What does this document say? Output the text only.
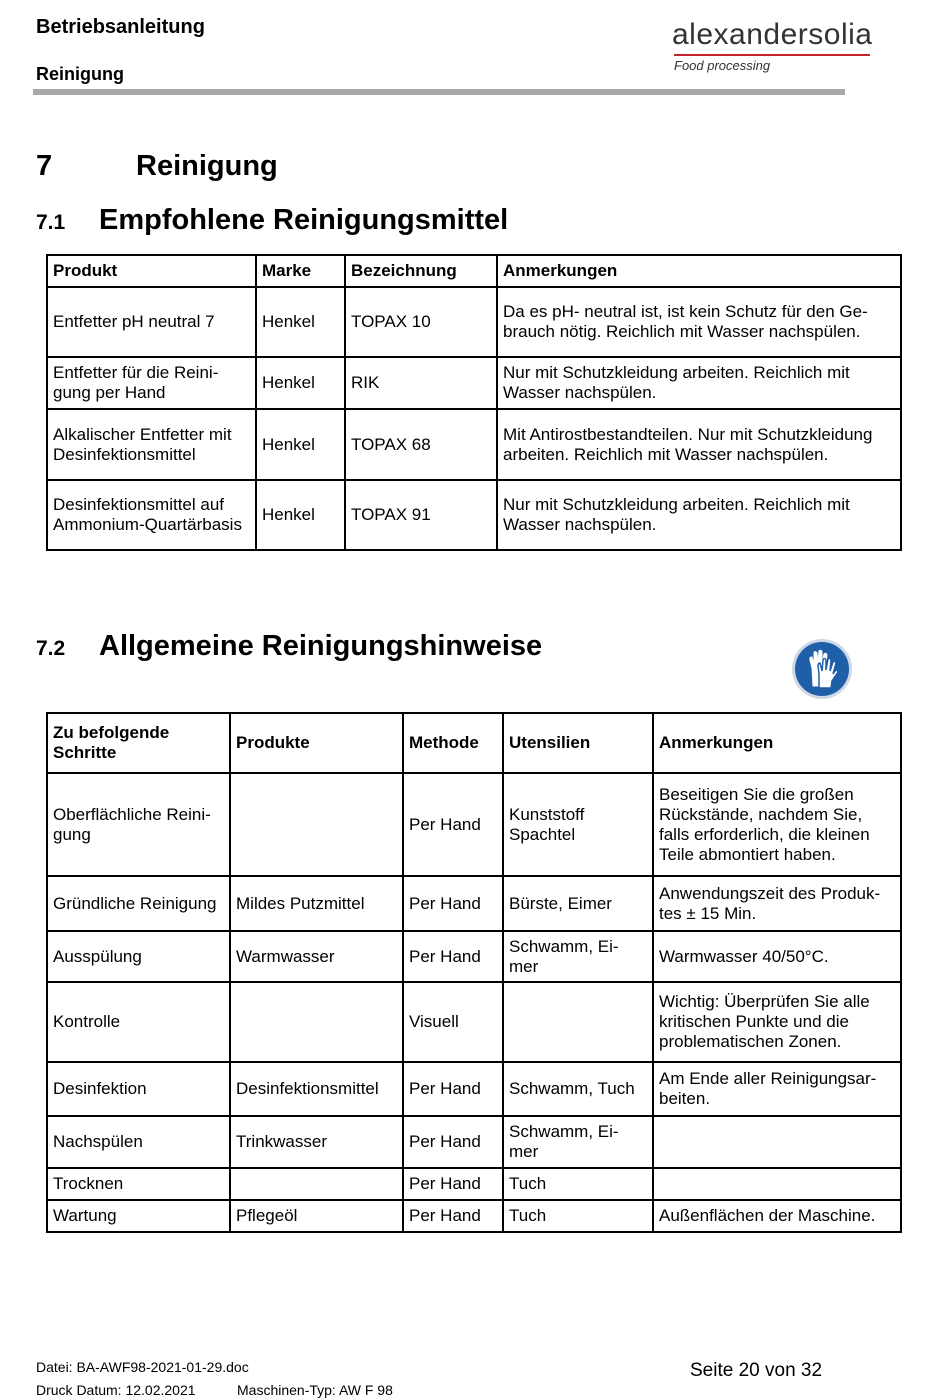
Betriebsanleitung
Reinigung
alexandersolia
Food processing
7	Reinigung
7.1 Empfohlene Reinigungsmittel
Produkt	Marke	Bezeichnung	Anmerkungen
Entfetter pH neutral 7	Henkel	TOPAX 10	Da es pH- neutral ist, ist kein Schutz für den Ge-
brauch nötig. Reichlich mit Wasser nachspülen.
Entfetter für die Reini-
gung per Hand	Henkel	RIK	Nur mit Schutzkleidung arbeiten. Reichlich mit
Wasser nachspülen.
Alkalischer Entfetter mit
Desinfektionsmittel	Henkel	TOPAX 68	Mit Antirostbestandteilen. Nur mit Schutzkleidung
arbeiten. Reichlich mit Wasser nachspülen.
Desinfektionsmittel auf
Ammonium-Quartärbasis	Henkel	TOPAX 91	Nur mit Schutzkleidung arbeiten. Reichlich mit
Wasser nachspülen.
7.2 Allgemeine Reinigungshinweise
Zu befolgende
Schritte	Produkte	Methode	Utensilien	Anmerkungen
Oberflächliche Reini-
gung		Per Hand	Kunststoff
Spachtel	Beseitigen Sie die großen
Rückstände, nachdem Sie,
falls erforderlich, die kleinen
Teile abmontiert haben.
Gründliche Reinigung	Mildes Putzmittel	Per Hand	Bürste, Eimer	Anwendungszeit des Produk-
tes ± 15 Min.
Ausspülung	Warmwasser	Per Hand	Schwamm, Ei-
mer	Warmwasser 40/50°C.
Kontrolle		Visuell		Wichtig: Überprüfen Sie alle
kritischen Punkte und die
problematischen Zonen.
Desinfektion	Desinfektionsmittel	Per Hand	Schwamm, Tuch	Am Ende aller Reinigungsar-
beiten.
Nachspülen	Trinkwasser	Per Hand	Schwamm, Ei-
mer	
Trocknen		Per Hand	Tuch	
Wartung	Pflegeöl	Per Hand	Tuch	Außenflächen der Maschine.
Datei: BA-AWF98-2021-01-29.doc
Druck Datum: 12.02.2021	Maschinen-Typ: AW F 98
Seite 20 von 32
